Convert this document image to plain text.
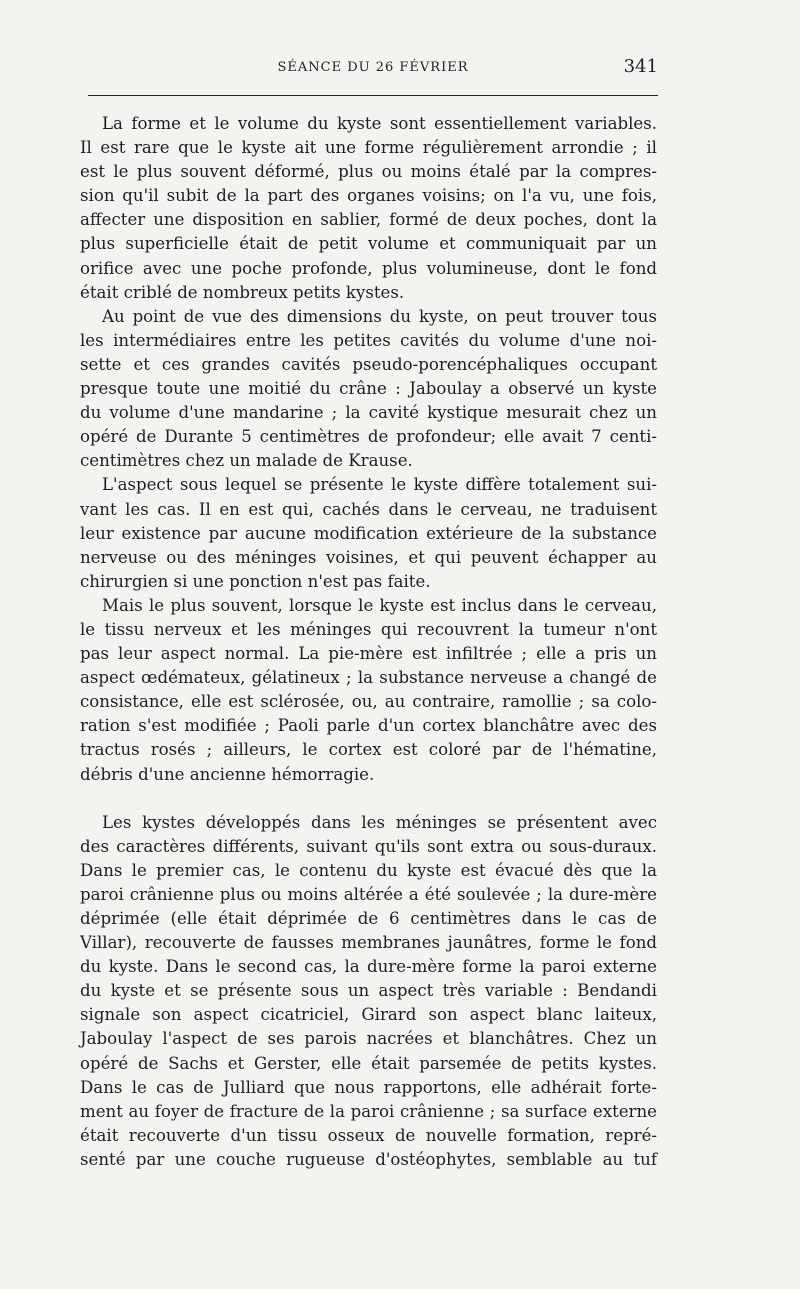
SÉANCE DU 26 FÉVRIER	341
La forme et le volume du kyste sont essentiellement variables.
Il est rare que le kyste ait une forme régulièrement arrondie ; il
est le plus souvent déformé, plus ou moins étalé par la compres-
sion qu'il subit de la part des organes voisins; on l'a vu, une fois,
affecter une disposition en sablier, formé de deux poches, dont la
plus superficielle était de petit volume et communiquait par un
orifice avec une poche profonde, plus volumineuse, dont le fond
était criblé de nombreux petits kystes.
Au point de vue des dimensions du kyste, on peut trouver tous
les intermédiaires entre les petites cavités du volume d'une noi-
sette et ces grandes cavités pseudo-porencéphaliques occupant
presque toute une moitié du crâne : Jaboulay a observé un kyste
du volume d'une mandarine ; la cavité kystique mesurait chez un
opéré de Durante 5 centimètres de profondeur; elle avait 7 centi-
centimètres chez un malade de Krause.
L'aspect sous lequel se présente le kyste diffère totalement sui-
vant les cas. Il en est qui, cachés dans le cerveau, ne traduisent
leur existence par aucune modification extérieure de la substance
nerveuse ou des méninges voisines, et qui peuvent échapper au
chirurgien si une ponction n'est pas faite.
Mais le plus souvent, lorsque le kyste est inclus dans le cerveau,
le tissu nerveux et les méninges qui recouvrent la tumeur n'ont
pas leur aspect normal. La pie-mère est infiltrée ; elle a pris un
aspect œdémateux, gélatineux ; la substance nerveuse a changé de
consistance, elle est sclérosée, ou, au contraire, ramollie ; sa colo-
ration s'est modifiée ; Paoli parle d'un cortex blanchâtre avec des
tractus rosés ; ailleurs, le cortex est coloré par de l'hématine,
débris d'une ancienne hémorragie.
Les kystes développés dans les méninges se présentent avec
des caractères différents, suivant qu'ils sont extra ou sous-duraux.
Dans le premier cas, le contenu du kyste est évacué dès que la
paroi crânienne plus ou moins altérée a été soulevée ; la dure-mère
déprimée (elle était déprimée de 6 centimètres dans le cas de
Villar), recouverte de fausses membranes jaunâtres, forme le fond
du kyste. Dans le second cas, la dure-mère forme la paroi externe
du kyste et se présente sous un aspect très variable : Bendandi
signale son aspect cicatriciel, Girard son aspect blanc laiteux,
Jaboulay l'aspect de ses parois nacrées et blanchâtres. Chez un
opéré de Sachs et Gerster, elle était parsemée de petits kystes.
Dans le cas de Julliard que nous rapportons, elle adhérait forte-
ment au foyer de fracture de la paroi crânienne ; sa surface externe
était recouverte d'un tissu osseux de nouvelle formation, repré-
senté par une couche rugueuse d'ostéophytes, semblable au tuf
